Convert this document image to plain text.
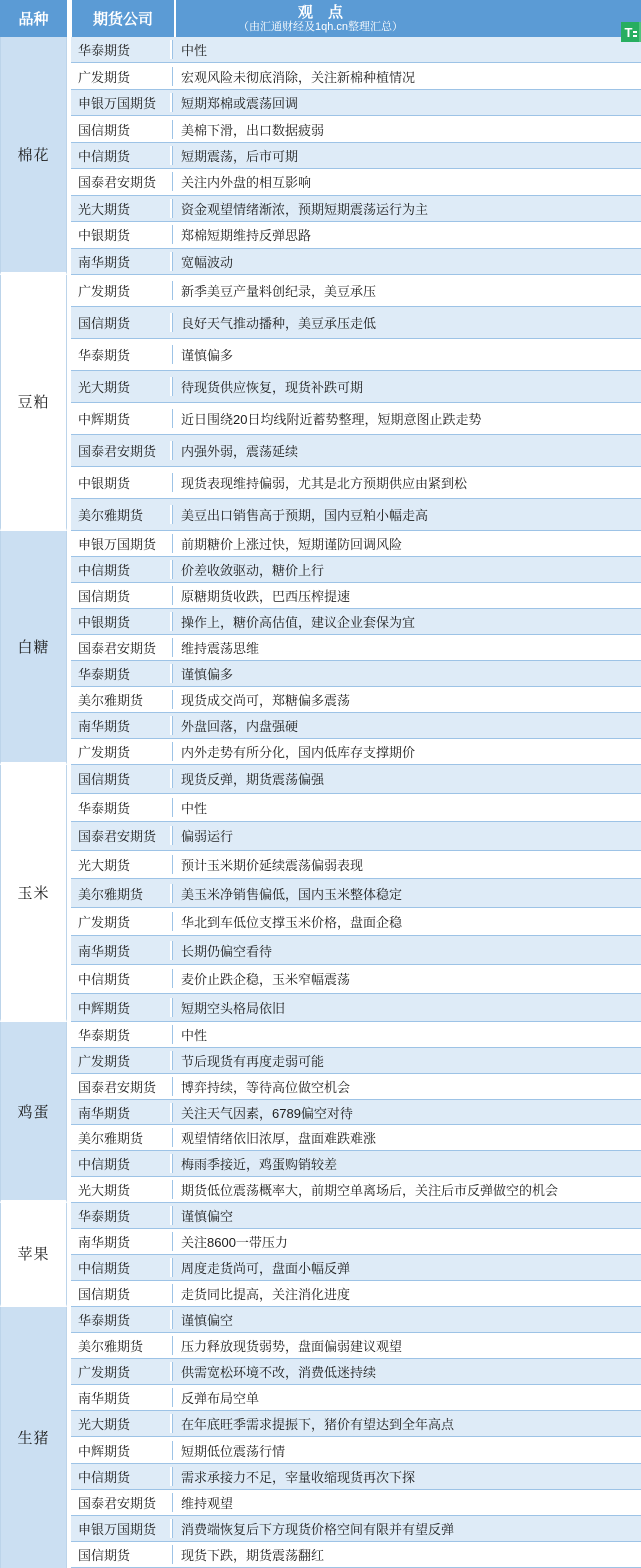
品种	期货公司	观　点
（由汇通财经及1qh.cn整理汇总）	T
棉花
华泰期货	中性
广发期货	宏观风险未彻底消除，关注新棉种植情况
申银万国期货	短期郑棉或震荡回调
国信期货	美棉下滑，出口数据疲弱
中信期货	短期震荡，后市可期
国泰君安期货	关注内外盘的相互影响
光大期货	资金观望情绪渐浓，预期短期震荡运行为主
中银期货	郑棉短期维持反弹思路
南华期货	宽幅波动
豆粕
广发期货	新季美豆产量料创纪录，美豆承压
国信期货	良好天气推动播种，美豆承压走低
华泰期货	谨慎偏多
光大期货	待现货供应恢复，现货补跌可期
中辉期货	近日围绕20日均线附近蓄势整理，短期意图止跌走势
国泰君安期货	内强外弱，震荡延续
中银期货	现货表现维持偏弱，尤其是北方预期供应由紧到松
美尔雅期货	美豆出口销售高于预期，国内豆粕小幅走高
白糖
申银万国期货	前期糖价上涨过快，短期谨防回调风险
中信期货	价差收敛驱动，糖价上行
国信期货	原糖期货收跌，巴西压榨提速
中银期货	操作上，糖价高估值，建议企业套保为宜
国泰君安期货	维持震荡思维
华泰期货	谨慎偏多
美尔雅期货	现货成交尚可，郑糖偏多震荡
南华期货	外盘回落，内盘强硬
广发期货	内外走势有所分化，国内低库存支撑期价
玉米
国信期货	现货反弹，期货震荡偏强
华泰期货	中性
国泰君安期货	偏弱运行
光大期货	预计玉米期价延续震荡偏弱表现
美尔雅期货	美玉米净销售偏低，国内玉米整体稳定
广发期货	华北到车低位支撑玉米价格，盘面企稳
南华期货	长期仍偏空看待
中信期货	麦价止跌企稳，玉米窄幅震荡
中辉期货	短期空头格局依旧
鸡蛋
华泰期货	中性
广发期货	节后现货有再度走弱可能
国泰君安期货	博弈持续，等待高位做空机会
南华期货	关注天气因素，6789偏空对待
美尔雅期货	观望情绪依旧浓厚，盘面难跌难涨
中信期货	梅雨季接近，鸡蛋购销较差
光大期货	期货低位震荡概率大，前期空单离场后，关注后市反弹做空的机会
苹果
华泰期货	谨慎偏空
南华期货	关注8600一带压力
中信期货	周度走货尚可，盘面小幅反弹
国信期货	走货同比提高，关注消化进度
生猪
华泰期货	谨慎偏空
美尔雅期货	压力释放现货弱势，盘面偏弱建议观望
广发期货	供需宽松环境不改，消费低迷持续
南华期货	反弹布局空单
光大期货	在年底旺季需求提振下，猪价有望达到全年高点
中辉期货	短期低位震荡行情
中信期货	需求承接力不足，宰量收缩现货再次下探
国泰君安期货	维持观望
申银万国期货	消费端恢复后下方现货价格空间有限并有望反弹
国信期货	现货下跌，期货震荡翻红
